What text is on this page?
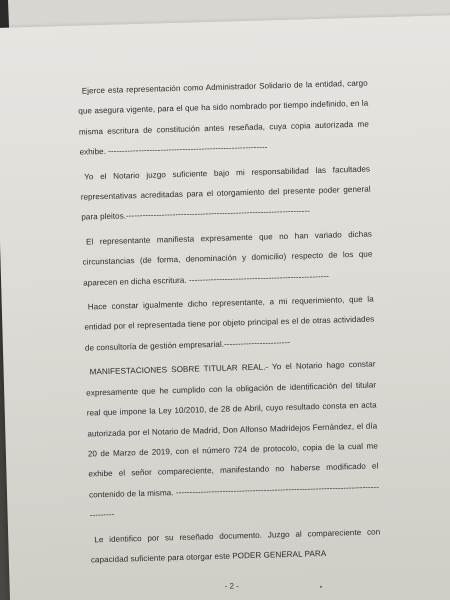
Ejerce esta representación como Administrador Solidario de la entidad, cargo que asegura vigente, para el que ha sido nombrado por tiempo indefinido, en la misma escritura de constitución antes reseñada, cuya copia autorizada me exhibe. ----------------------------------------------------------

Yo el Notario juzgo suficiente bajo mi responsabilidad las facultades representativas acreditadas para el otorgamiento del presente poder general para pleitos.-------------------------------------------------------------------

El representante manifiesta expresamente que no han variado dichas circunstancias (de forma, denominación y domicilio) respecto de los que aparecen en dicha escritura. ---------------------------------------------------

Hace constar igualmente dicho representante, a mi requerimiento, que la entidad por el representada tiene por objeto principal es el de otras actividades de consultoría de gestión empresarial.------------------------

MANIFESTACIONES SOBRE TITULAR REAL.- Yo el Notario hago constar expresamente que he cumplido con la obligación de identificación del titular real que impone la Ley 10/2010, de 28 de Abril, cuyo resultado consta en acta autorizada por el Notario de Madrid, Don Alfonso Madridejos Fernández, el día 20 de Marzo de 2019, con el número 724 de protocolo, copia de la cual me exhibe el señor compareciente, manifestando no haberse modificado el contenido de la misma. -----------------------------------------------------------------------------------

Le identifico por su reseñado documento. Juzgo al compareciente con capacidad suficiente para otorgar este PODER GENERAL PARA

- 2 -	•
